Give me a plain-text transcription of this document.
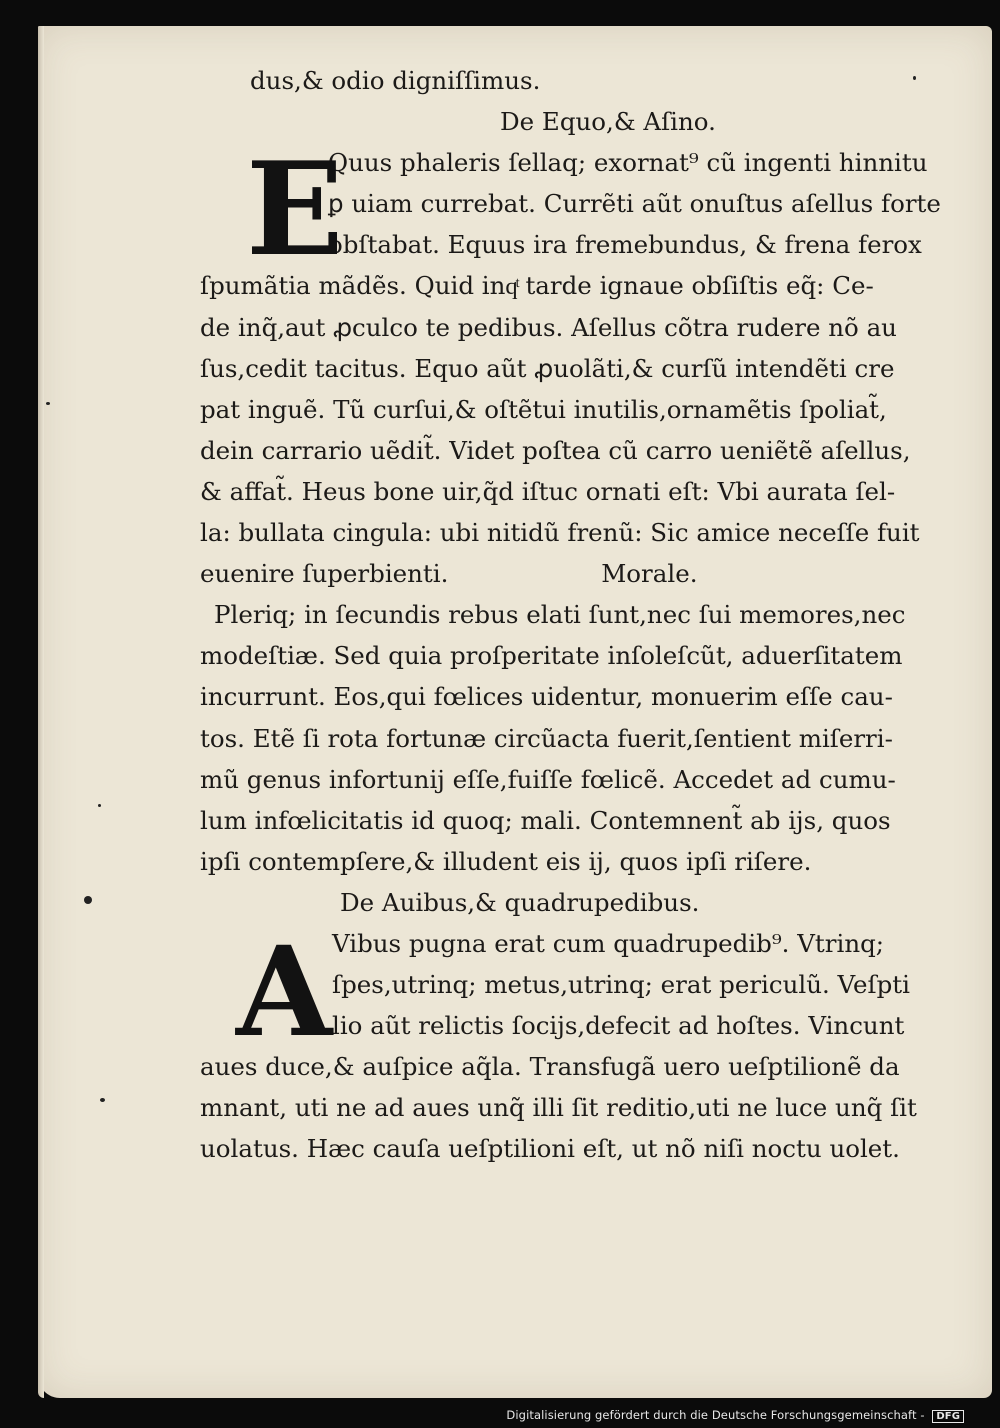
dus,& odio digniſſimus.
De Equo,& Aſino.
E
Quus phaleris ſellaq; exornat⁹ cũ ingenti hinnitu
ꝑ uiam currebat. Currẽti aũt onuſtus aſellus forte
obſtabat. Equus ira fremebundus, & frena ferox
ſpumãtia mãdẽs. Quid inqͭ tarde ignaue obſiſtis eq̃: Ce-
de inq̃,aut ꝓculco te pedibus. Aſellus cõtra rudere nõ au
ſus,cedit tacitus. Equo aũt ꝓuolãti,& curſũ intendẽti cre
pat inguẽ. Tũ curſui,& oſtẽtui inutilis,ornamẽtis ſpoliat̃,
dein carrario uẽdit̃. Videt poſtea cũ carro ueniẽtẽ aſellus,
& affat̃. Heus bone uir,q̃d iſtuc ornati eſt: Vbi aurata ſel-
la: bullata cingula: ubi nitidũ frenũ: Sic amice neceſſe fuit
euenire ſuperbienti.	Morale.
Pleriq; in ſecundis rebus elati ſunt,nec ſui memores,nec
modeſtiæ. Sed quia proſperitate inſoleſcũt, aduerſitatem
incurrunt. Eos,qui fœlices uidentur, monuerim eſſe cau-
tos. Etẽ ſi rota fortunæ circũacta fuerit,ſentient miſerri-
mũ genus infortunij eſſe,fuiſſe fœlicẽ. Accedet ad cumu-
lum infœlicitatis id quoq; mali. Contemnent̃ ab ijs, quos
ipſi contempſere,& illudent eis ij, quos ipſi riſere.
De Auibus,& quadrupedibus.
A Vibus pugna erat cum quadrupedib⁹. Vtrinq;
ſpes,utrinq; metus,utrinq; erat periculũ. Veſpti
lio aũt relictis ſocijs,defecit ad hoſtes. Vincunt
aues duce,& auſpice aq̃la. Transfugã uero ueſptilionẽ da
mnant, uti ne ad aues unq̃ illi ſit reditio,uti ne luce unq̃ ſit
uolatus. Hæc cauſa ueſptilioni eſt, ut nõ niſi noctu uolet.
Digitalisierung gefördert durch die Deutsche Forschungsgemeinschaft - DFG
